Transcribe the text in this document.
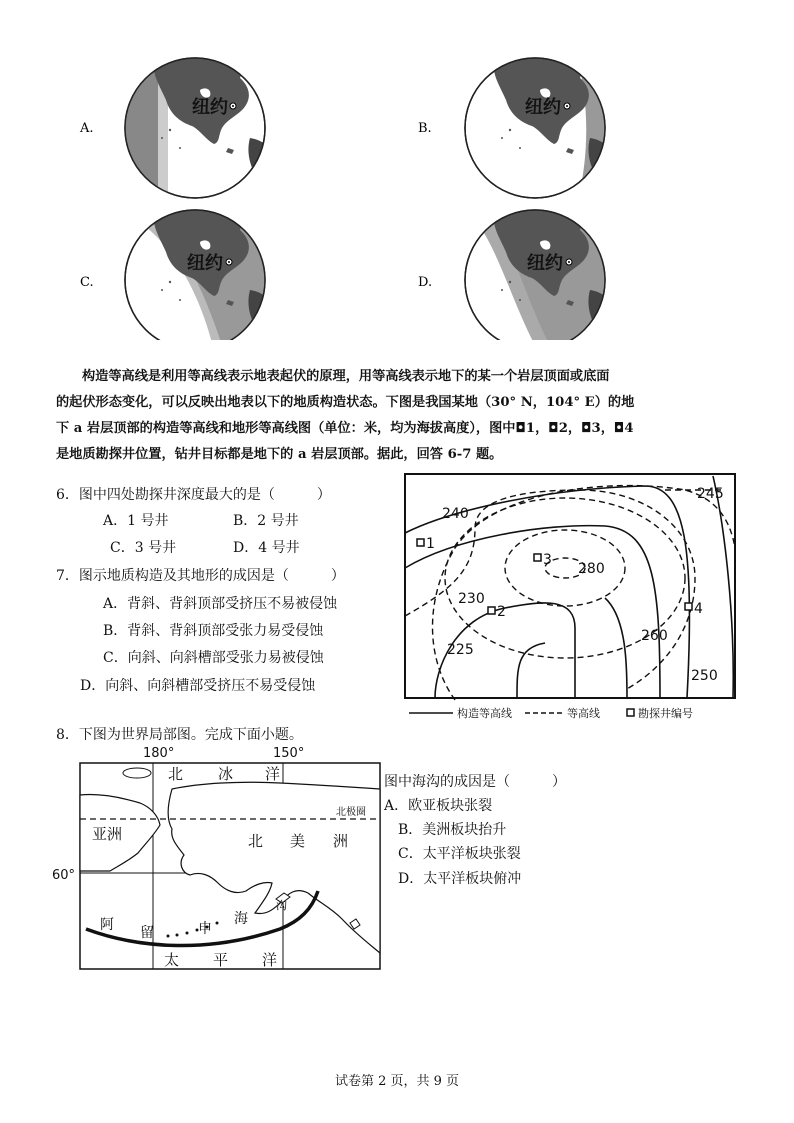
A.	B.
C.	D.
纽约	纽约
纽约	纽约
构造等高线是利用等高线表示地表起伏的原理，用等高线表示地下的某一个岩层顶面或底面
的起伏形态变化，可以反映出地表以下的地质构造状态。下图是我国某地（30° N，104° E）的地
下 a 岩层顶部的构造等高线和地形等高线图（单位：米，均为海拔高度），图中◘1，◘2，◘3，◘4
是地质勘探井位置，钻井目标都是地下的 a 岩层顶部。据此，回答 6-7 题。
6．图中四处勘探井深度最大的是（　　　）
A．1 号井	B．2 号井
C．3 号井	D．4 号井
7．图示地质构造及其地形的成因是（　　　）
A．背斜、背斜顶部受挤压不易被侵蚀
B．背斜、背斜顶部受张力易受侵蚀
C．向斜、向斜槽部受张力易被侵蚀
D．向斜、向斜槽部受挤压不易受侵蚀
240
245
280
230
260
225
250
1
2
3
4
构造等高线	等高线	勘探井编号
8．下图为世界局部图。完成下面小题。
180°	150°
60°
北 冰 洋
北 美 洲
亚洲
太 平 洋
阿 留	申
海
沟
北极圈
图中海沟的成因是（　　　）
A．欧亚板块张裂
B．美洲板块抬升
C．太平洋板块张裂
D．太平洋板块俯冲
试卷第 2 页，共 9 页
